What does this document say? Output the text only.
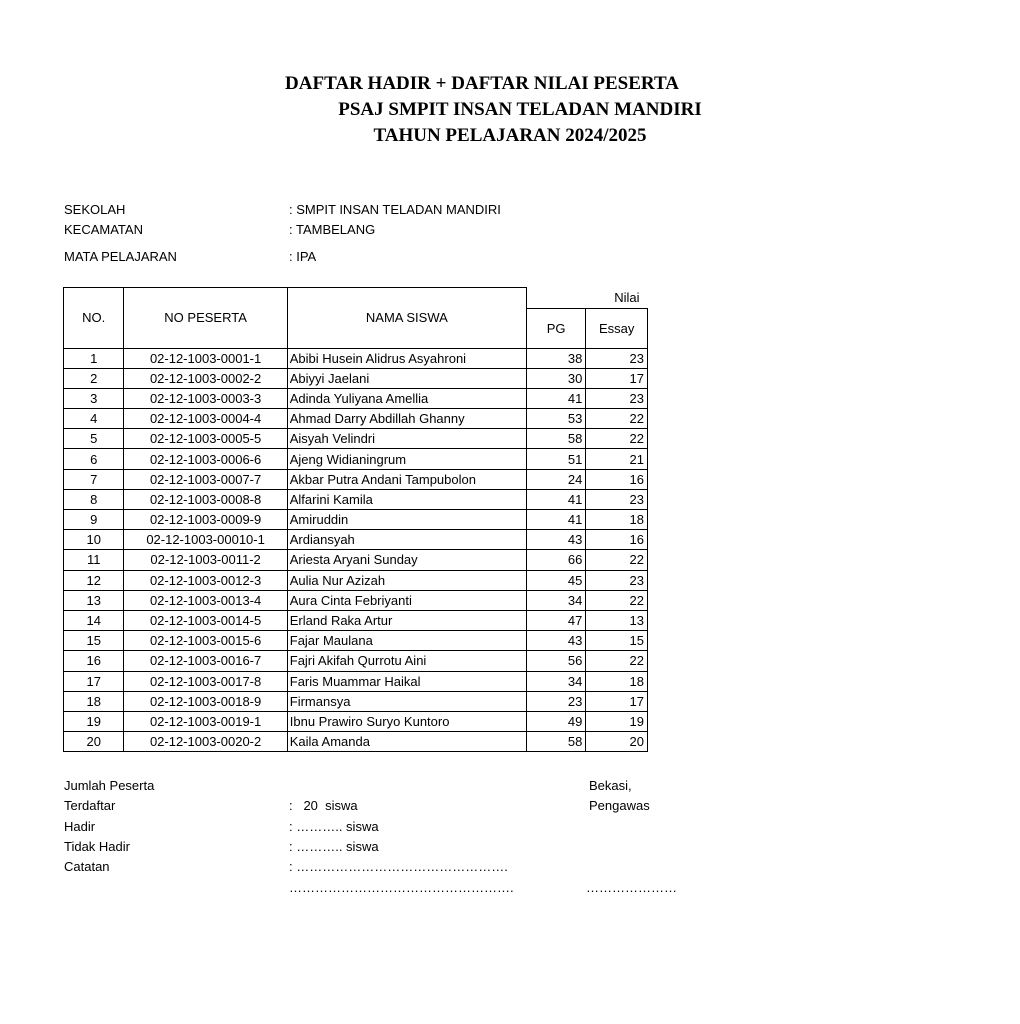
DAFTAR HADIR + DAFTAR NILAI PESERTA
PSAJ SMPIT INSAN TELADAN MANDIRI
TAHUN PELAJARAN 2024/2025
SEKOLAH	: SMPIT INSAN TELADAN MANDIRI
KECAMATAN	: TAMBELANG
MATA PELAJARAN	: IPA
NO.	NO PESERTA	NAMA SISWA	Nilai	
			PG	Essay
1	02-12-1003-0001-1	Abibi Husein Alidrus Asyahroni	38	23
2	02-12-1003-0002-2	Abiyyi Jaelani	30	17
3	02-12-1003-0003-3	Adinda Yuliyana Amellia	41	23
4	02-12-1003-0004-4	Ahmad Darry Abdillah Ghanny	53	22
5	02-12-1003-0005-5	Aisyah Velindri	58	22
6	02-12-1003-0006-6	Ajeng Widianingrum	51	21
7	02-12-1003-0007-7	Akbar Putra Andani Tampubolon	24	16
8	02-12-1003-0008-8	Alfarini Kamila	41	23
9	02-12-1003-0009-9	Amiruddin	41	18
10	02-12-1003-00010-1	Ardiansyah	43	16
11	02-12-1003-0011-2	Ariesta Aryani Sunday	66	22
12	02-12-1003-0012-3	Aulia Nur Azizah	45	23
13	02-12-1003-0013-4	Aura Cinta Febriyanti	34	22
14	02-12-1003-0014-5	Erland Raka Artur	47	13
15	02-12-1003-0015-6	Fajar Maulana	43	15
16	02-12-1003-0016-7	Fajri Akifah Qurrotu Aini	56	22
17	02-12-1003-0017-8	Faris Muammar Haikal	34	18
18	02-12-1003-0018-9	Firmansya	23	17
19	02-12-1003-0019-1	Ibnu Prawiro Suryo Kuntoro	49	19
20	02-12-1003-0020-2	Kaila Amanda	58	20
Jumlah Peserta
Terdaftar	:   20  siswa
Hadir	: ……….. siswa
Tidak Hadir	: ……….. siswa
Catatan	: ………………………………………….
…………………………………………….
Bekasi,
Pengawas
…………………
